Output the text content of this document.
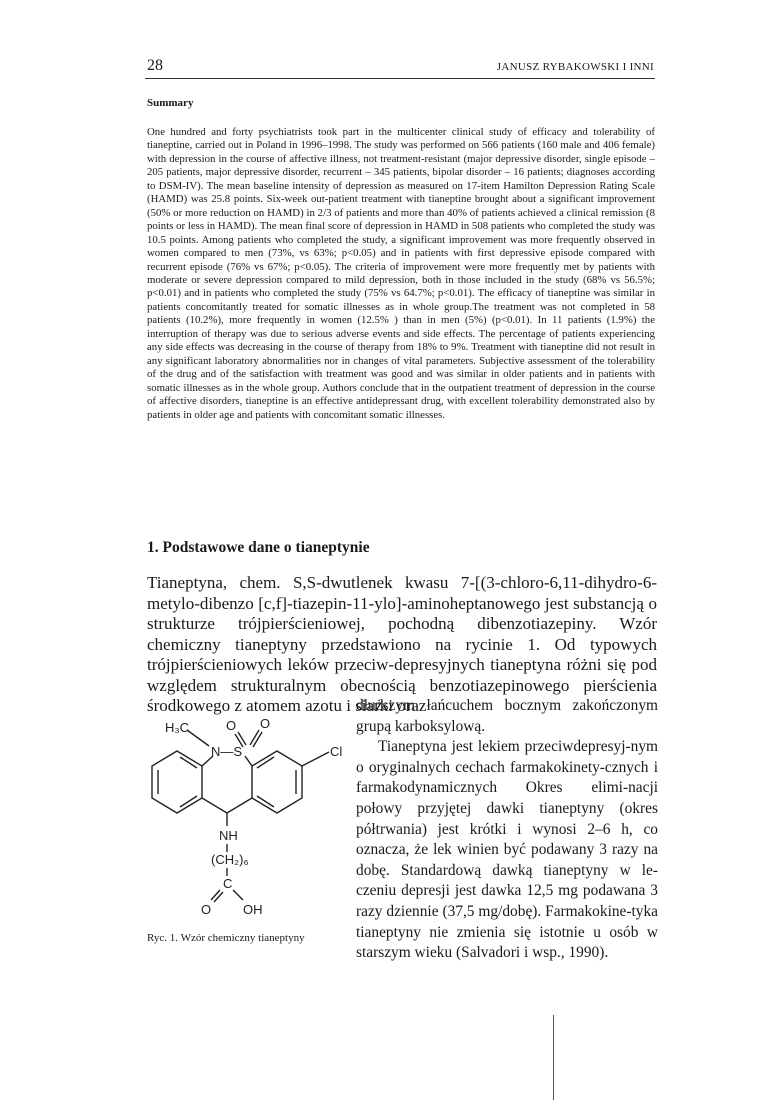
28	JANUSZ RYBAKOWSKI I INNI
Summary

One hundred and forty psychiatrists took part in the multicenter clinical study of efficacy and tolerability of tianeptine, carried out in Poland in 1996–1998. The study was performed on 566 patients (160 male and 406 female) with depression in the course of affective illness, not treatment-resistant (major depressive disorder, single episode – 205 patients, major depressive disorder, recurrent – 345 patients, bipolar disorder – 16 patients; diagnoses according to DSM-IV). The mean baseline intensity of depression as measured on 17-item Hamilton Depression Rating Scale (HAMD) was 25.8 points. Six-week out-patient treatment with tianeptine brought about a significant improvement (50% or more reduction on HAMD) in 2/3 of patients and more than 40% of patients achieved a clinical remission (8 points or less in HAMD). The mean final score of depression in HAMD in 508 patients who completed the study was 10.5 points. Among patients who completed the study, a significant improvement was more frequently observed in women compared to men (73%, vs 63%; p<0.05) and in patients with first depressive episode compared with recurrent episode (76% vs 67%; p<0.05). The criteria of improvement were more frequently met by patients with moderate or severe depression compared to mild depression, both in those included in the study (68% vs 56.5%; p<0.01) and in patients who completed the study (75% vs 64.7%; p<0.01). The efficacy of tianeptine was similar in patients concomitantly treated for somatic illnesses as in whole group.The treatment was not completed in 58 patients (10.2%), more frequently in women (12.5% ) than in men (5%) (p<0.01). In 11 patients (1.9%) the interruption of therapy was due to serious adverse events and side effects. The percentage of patients experiencing any side effects was decreasing in the course of therapy from 18% to 9%. Treatment with tianeptine did not result in any significant laboratory abnormalities nor in changes of vital parameters. Subjective assessment of the tolerability of the drug and of the satisfaction with treatment was good and was similar in older patients and in patients with somatic illnesses as in the whole group. Authors conclude that in the outpatient treatment of depression in the course of affective disorders, tianeptine is an effective antidepressant drug, with excellent tolerability demonstrated also by patients in older age and patients with concomitant somatic illnesses.

1. Podstawowe dane o tianeptynie

Tianeptyna, chem. S,S-dwutlenek kwasu 7-[(3-chloro-6,11-dihydro-6-metylo-dibenzo [c,f]-tiazepin-11-ylo]-aminoheptanowego jest substancją o strukturze trójpierścieniowej, pochodną dibenzotiazepiny. Wzór chemiczny tianeptyny przedstawiono na rycinie 1. Od typowych trójpierścieniowych leków przeciw-depresyjnych tianeptyna różni się pod względem strukturalnym obecnością benzotiazepinowego pierścienia środkowego z atomem azotu i siarki oraz

H₃C	O O
N—S	Cl
NH
(CH₂)₆
C
O OH
Ryc. 1. Wzór chemiczny tianeptyny

dłuższym łańcuchem bocznym zakończonym grupą karboksylową.

Tianeptyna jest lekiem przeciwdepresyj-nym o oryginalnych cechach farmakokinety-cznych i farmakodynamicznych Okres elimi-nacji połowy przyjętej dawki tianeptyny (okres półtrwania) jest krótki i wynosi 2–6 h, co oznacza, że lek winien być podawany 3 razy na dobę. Standardową dawką tianeptyny w le-czeniu depresji jest dawka 12,5 mg podawana 3 razy dziennie (37,5 mg/dobę). Farmakokine-tyka tianeptyny nie zmienia się istotnie u osób w starszym wieku (Salvadori i wsp., 1990).
